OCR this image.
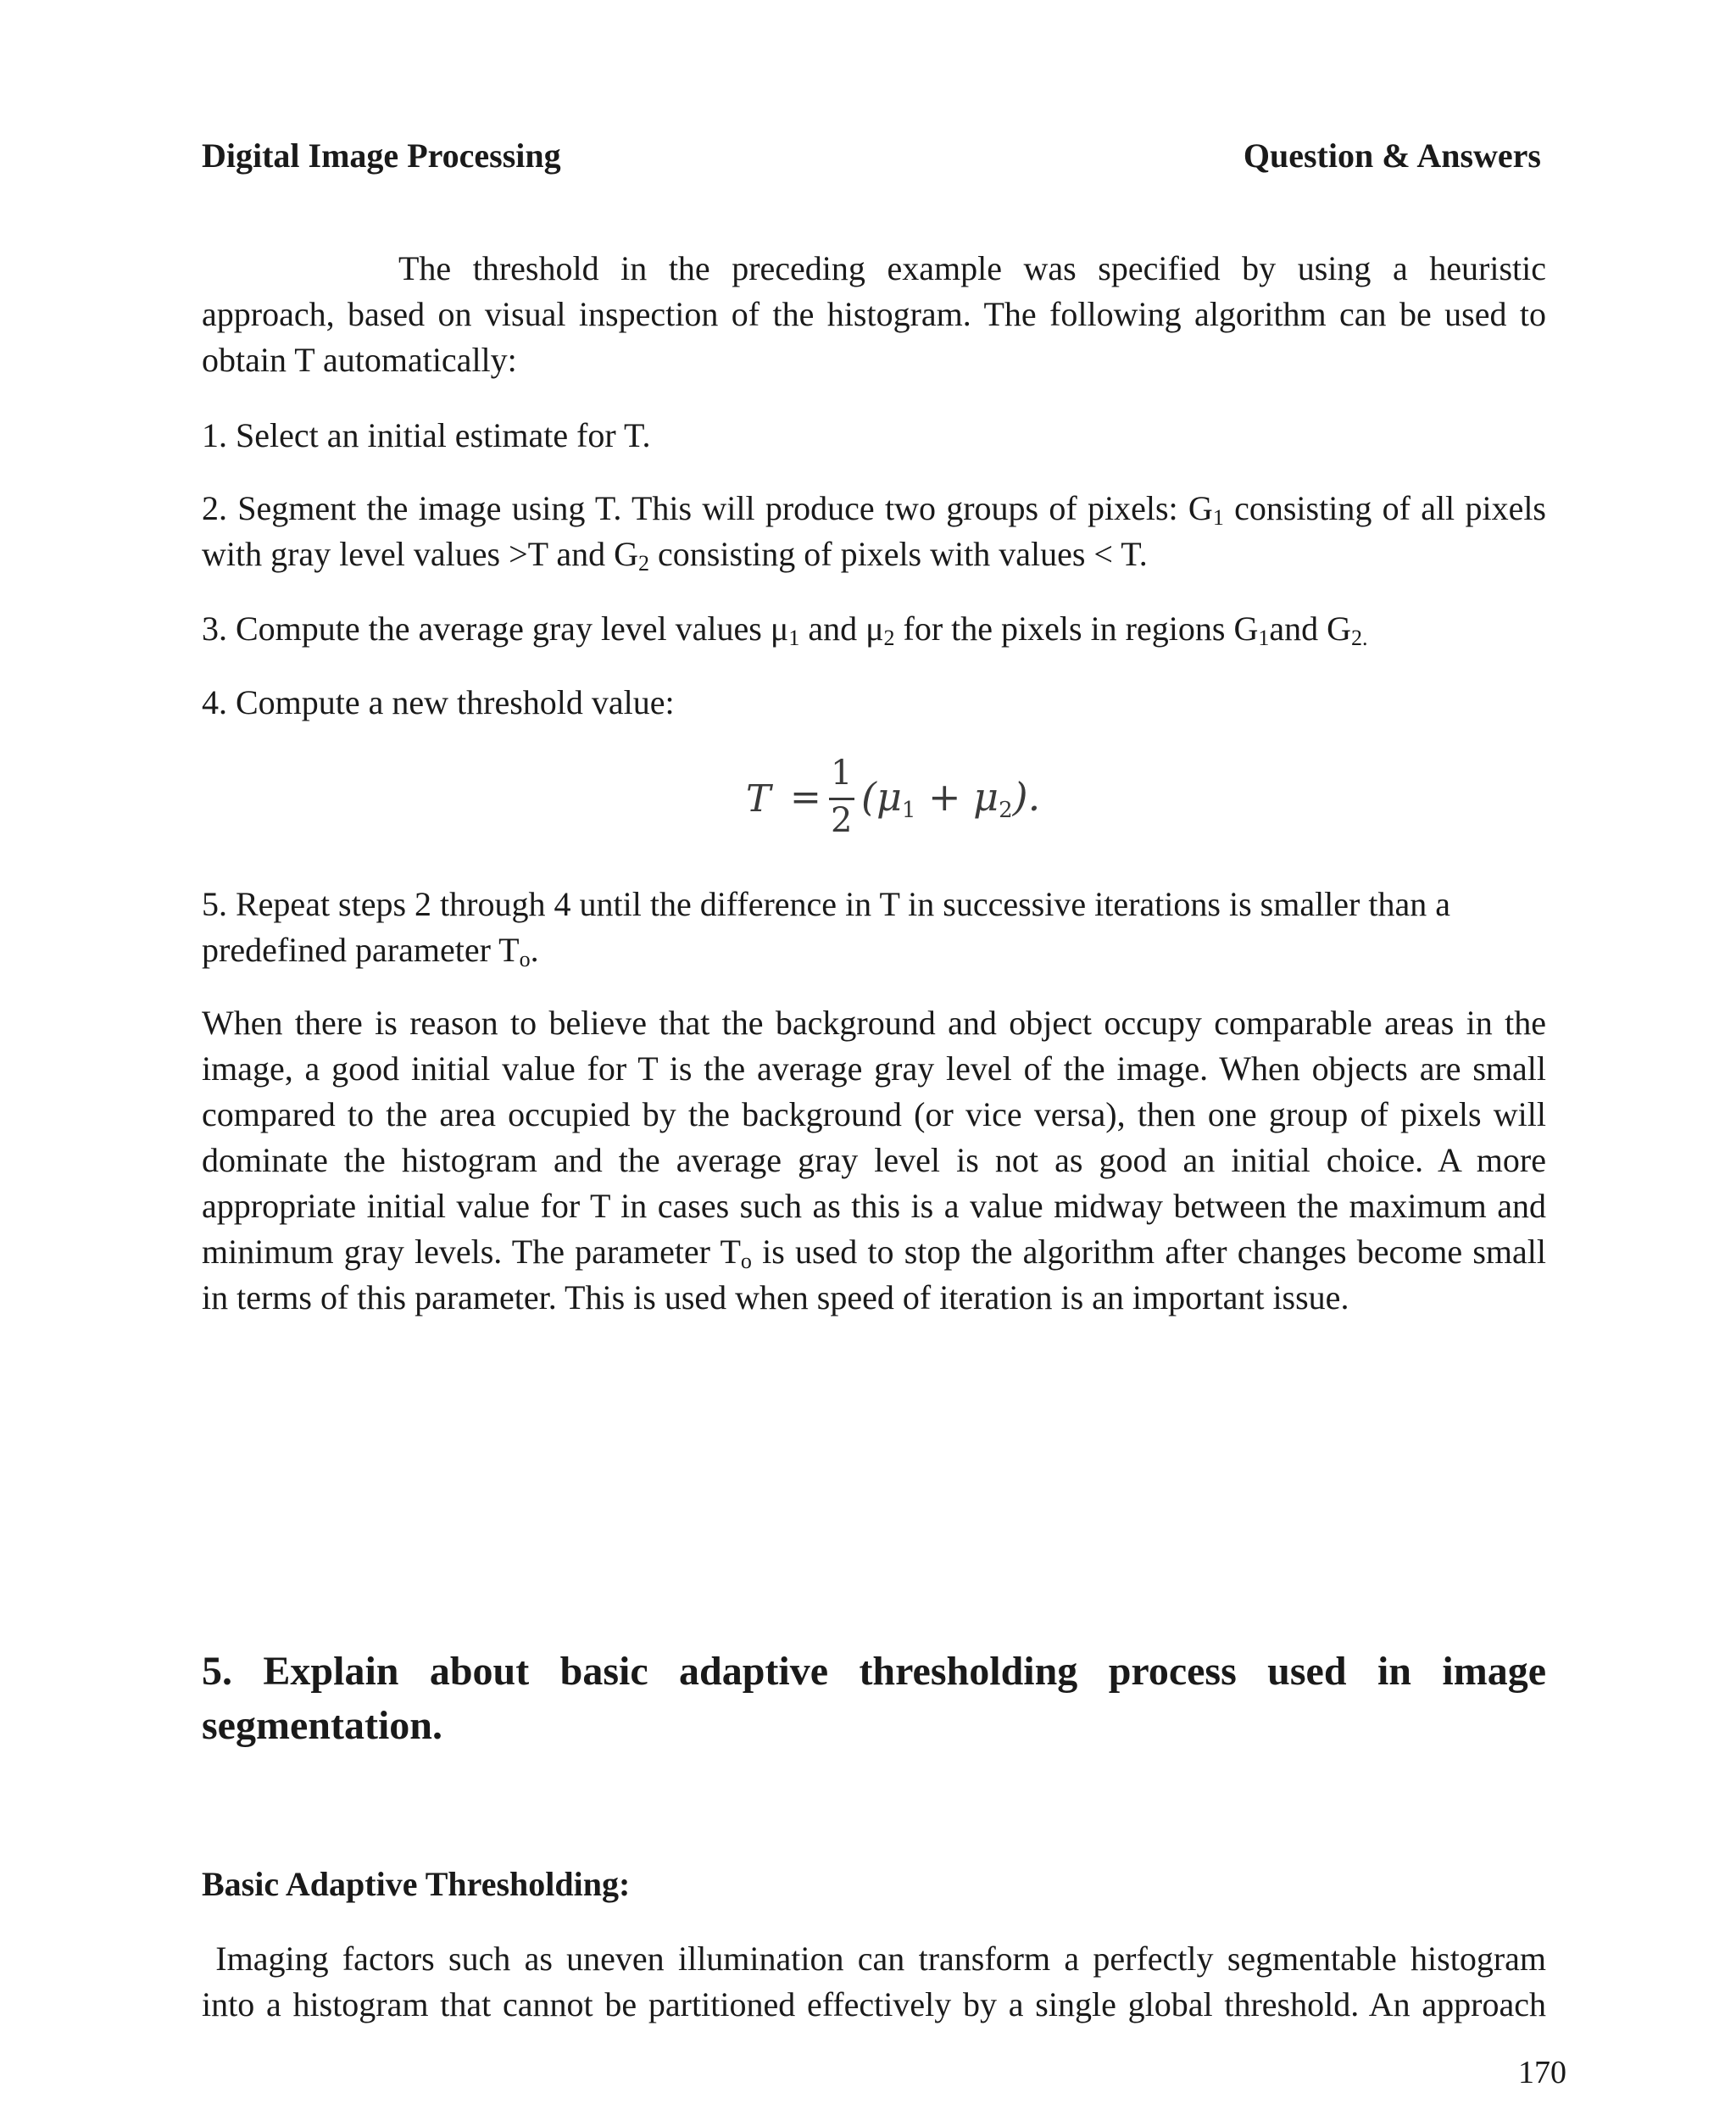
Digital Image Processing	Question & Answers
The threshold in the preceding example was specified by using a heuristic
approach, based on visual inspection of the histogram. The following algorithm can be used to
obtain T automatically:
1. Select an initial estimate for T.
2. Segment the image using T. This will produce two groups of pixels: $G_1$ consisting of all pixels
with gray level values >T and $G_2$ consisting of pixels with values < T.
3. Compute the average gray level values $\mu_1$ and $\mu_2$ for the pixels in regions $G_1and$ $G_{2.}$
4. Compute a new threshold value:
T =
1
2
$(\mu_1 + \mu_2)$.
5. Repeat steps 2 through 4 until the difference in T in successive iterations is smaller than a
predefined parameter $T_o$.
When there is reason to believe that the background and object occupy comparable areas in the
image, a good initial value for T is the average gray level of the image. When objects are small
compared to the area occupied by the background (or vice versa), then one group of pixels will
dominate the histogram and the average gray level is not as good an initial choice. A more
appropriate initial value for T in cases such as this is a value midway between the maximum and
minimum gray levels. The parameter $T_o$ is used to stop the algorithm after changes become small
in terms of this parameter. This is used when speed of iteration is an important issue.
5. Explain about basic adaptive thresholding process used in image
segmentation.
Basic Adaptive Thresholding:
Imaging factors such as uneven illumination can transform a perfectly segmentable histogram
into a histogram that cannot be partitioned effectively by a single global threshold. An approach
170
